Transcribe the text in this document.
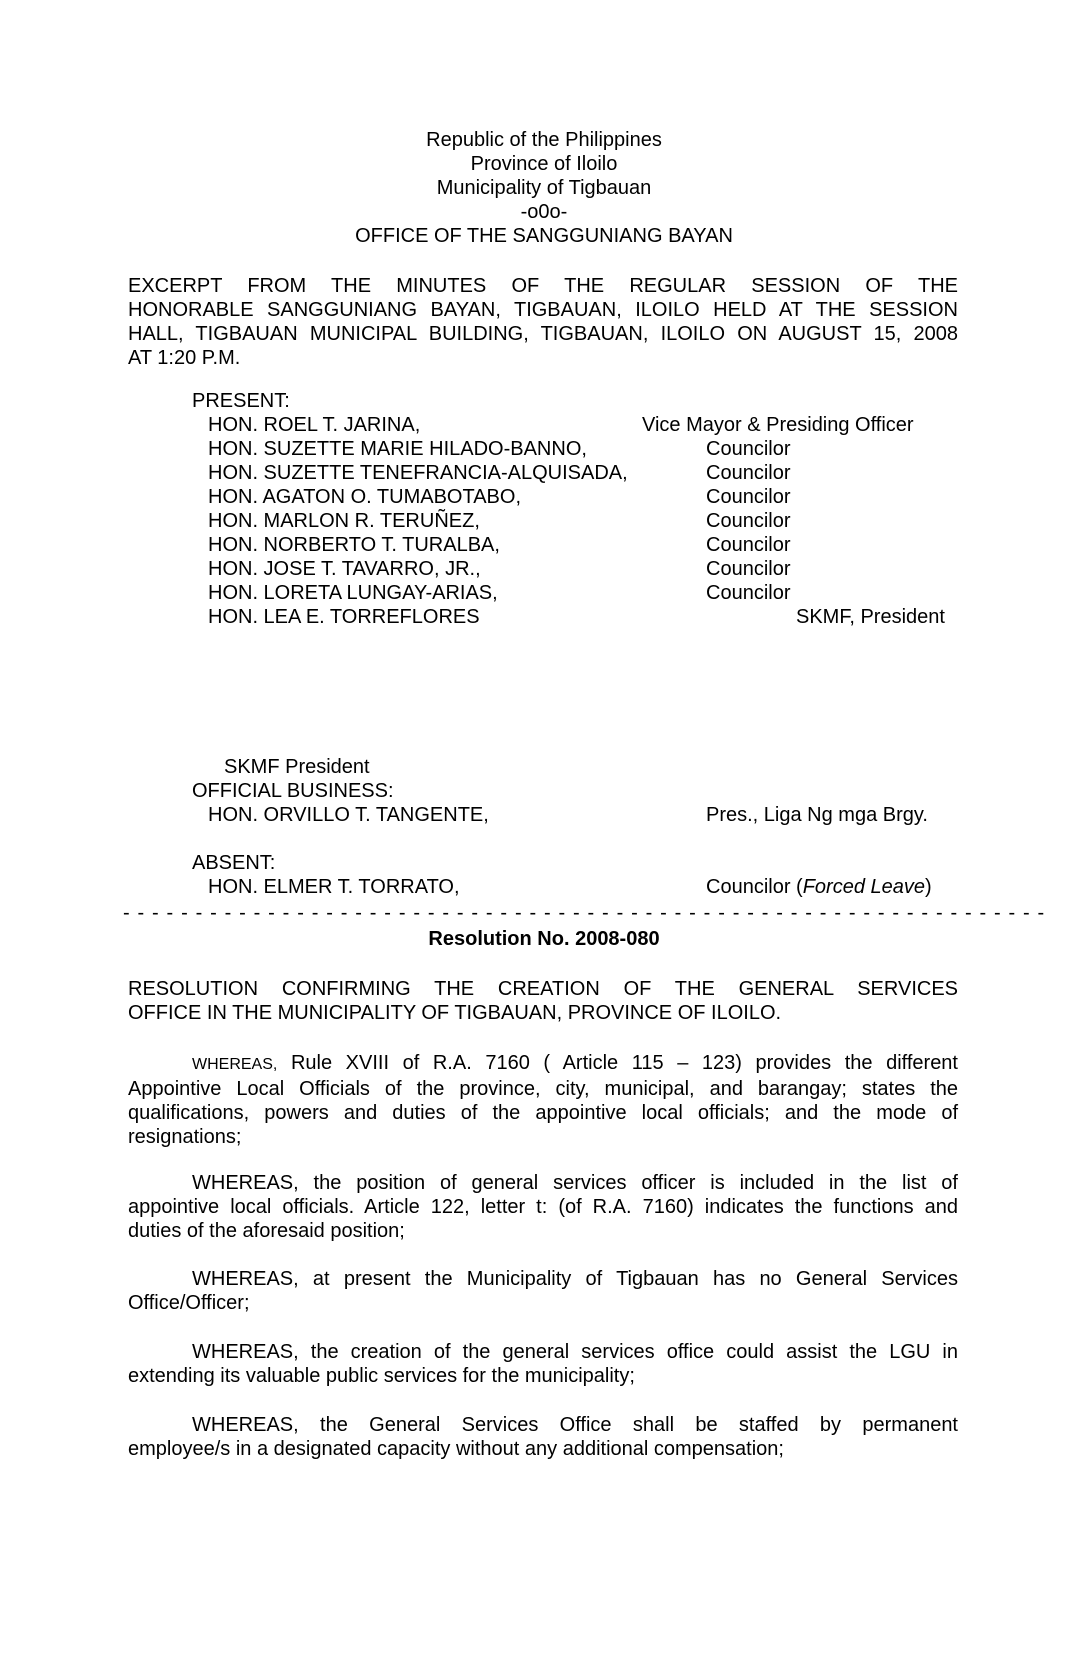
Republic of the Philippines
Province of Iloilo
Municipality of Tigbauan
-o0o-
OFFICE OF THE SANGGUNIANG BAYAN
EXCERPT FROM THE MINUTES OF THE REGULAR SESSION OF THE
HONORABLE SANGGUNIANG BAYAN, TIGBAUAN, ILOILO HELD AT THE SESSION
HALL, TIGBAUAN MUNICIPAL BUILDING, TIGBAUAN, ILOILO ON AUGUST 15, 2008
AT 1:20 P.M.
PRESENT:
HON. ROEL T. JARINA,	Vice Mayor & Presiding Officer
HON. SUZETTE MARIE HILADO-BANNO,	Councilor
HON. SUZETTE TENEFRANCIA-ALQUISADA,	Councilor
HON. AGATON O. TUMABOTABO,	Councilor
HON. MARLON R. TERUÑEZ,	Councilor
HON. NORBERTO T. TURALBA,	Councilor
HON. JOSE T. TAVARRO, JR.,	Councilor
HON. LORETA LUNGAY-ARIAS,	Councilor
HON. LEA E. TORREFLORES	SKMF, President
SKMF President
OFFICIAL BUSINESS:
HON. ORVILLO T. TANGENTE,	Pres., Liga Ng mga Brgy.
ABSENT:
HON. ELMER T. TORRATO,	Councilor (Forced Leave)
- - - - - - - - - - - - - - - - - - - - - - - - - - - - - - - - - - - - - - - - - - - - - - - - - - - - - - - - - - - - - - - -
Resolution No. 2008-080
RESOLUTION CONFIRMING THE CREATION OF THE GENERAL SERVICES
OFFICE IN THE MUNICIPALITY OF TIGBAUAN, PROVINCE OF ILOILO.
WHEREAS, Rule XVIII of R.A. 7160 ( Article 115 – 123) provides the different
Appointive Local Officials of the province, city, municipal, and barangay; states the
qualifications, powers and duties of the appointive local officials; and the mode of
resignations;
WHEREAS, the position of general services officer is included in the list of
appointive local officials. Article 122, letter t: (of R.A. 7160) indicates the functions and
duties of the aforesaid position;
WHEREAS, at present the Municipality of Tigbauan has no General Services
Office/Officer;
WHEREAS, the creation of the general services office could assist the LGU in
extending its valuable public services for the municipality;
WHEREAS, the General Services Office shall be staffed by permanent
employee/s in a designated capacity without any additional compensation;
